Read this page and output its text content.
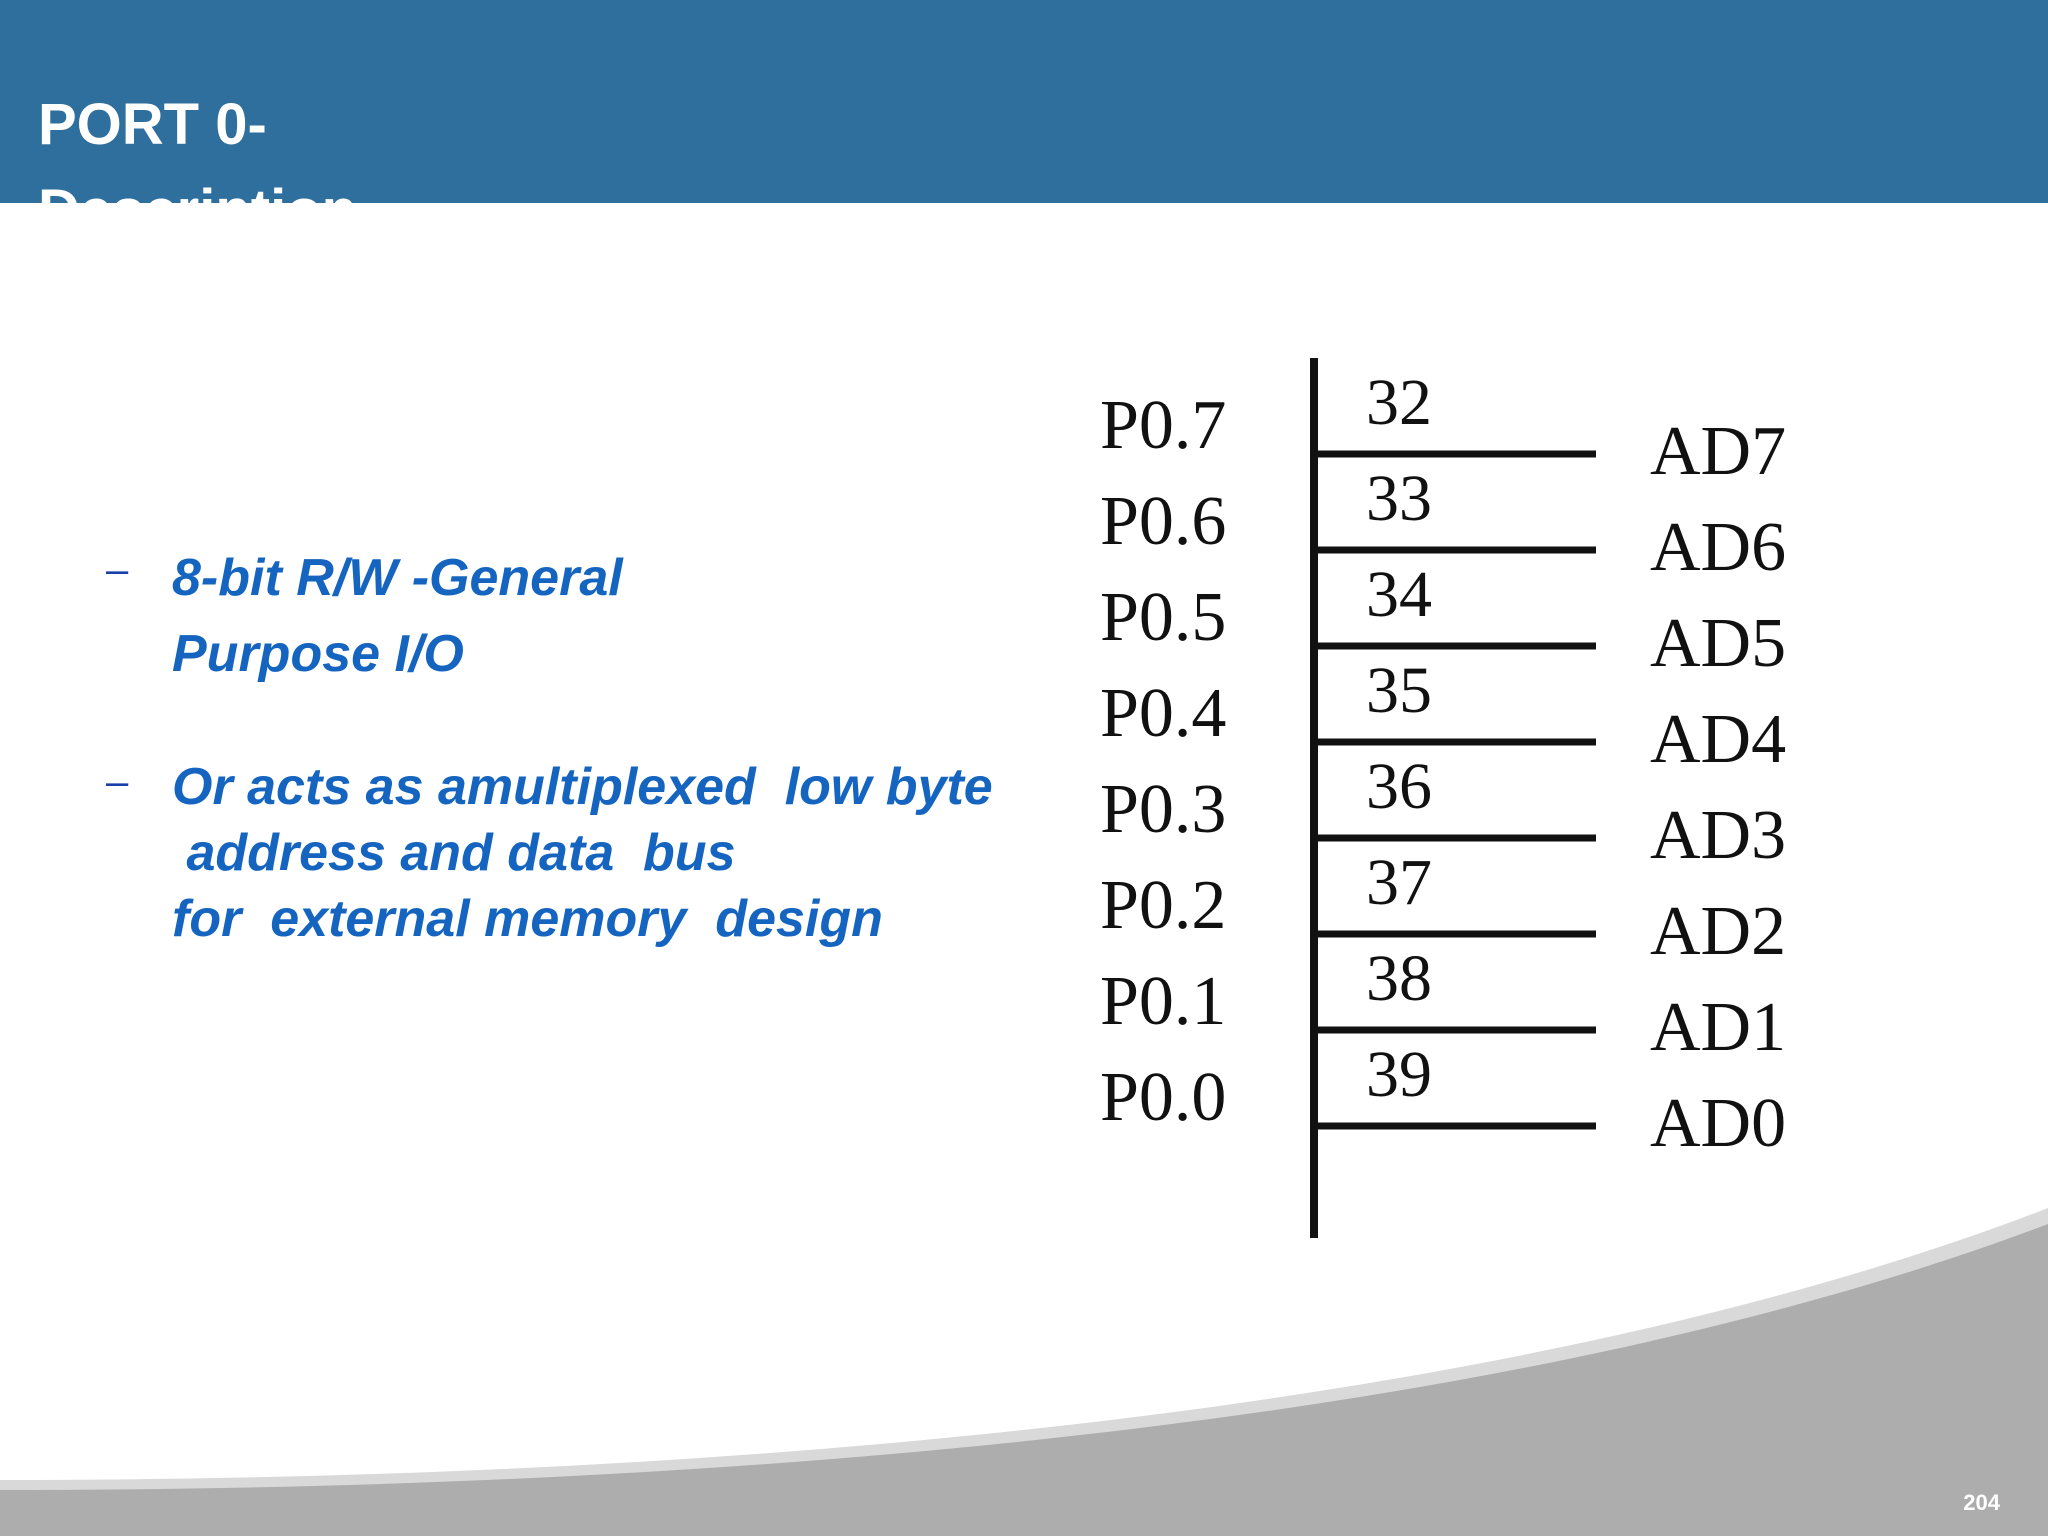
PORT 0- Description
– 8-bit R/W -General
Purpose I/O
– Or acts as amultiplexed  low byte
address and data  bus
for  external memory  design
P0.7 32
AD7
P0.6 33
AD6
P0.5 34
AD5
P0.4 35
AD4
P0.3 36
AD3
P0.2 37
AD2
P0.1 38
AD1
P0.0 39
AD0
204
